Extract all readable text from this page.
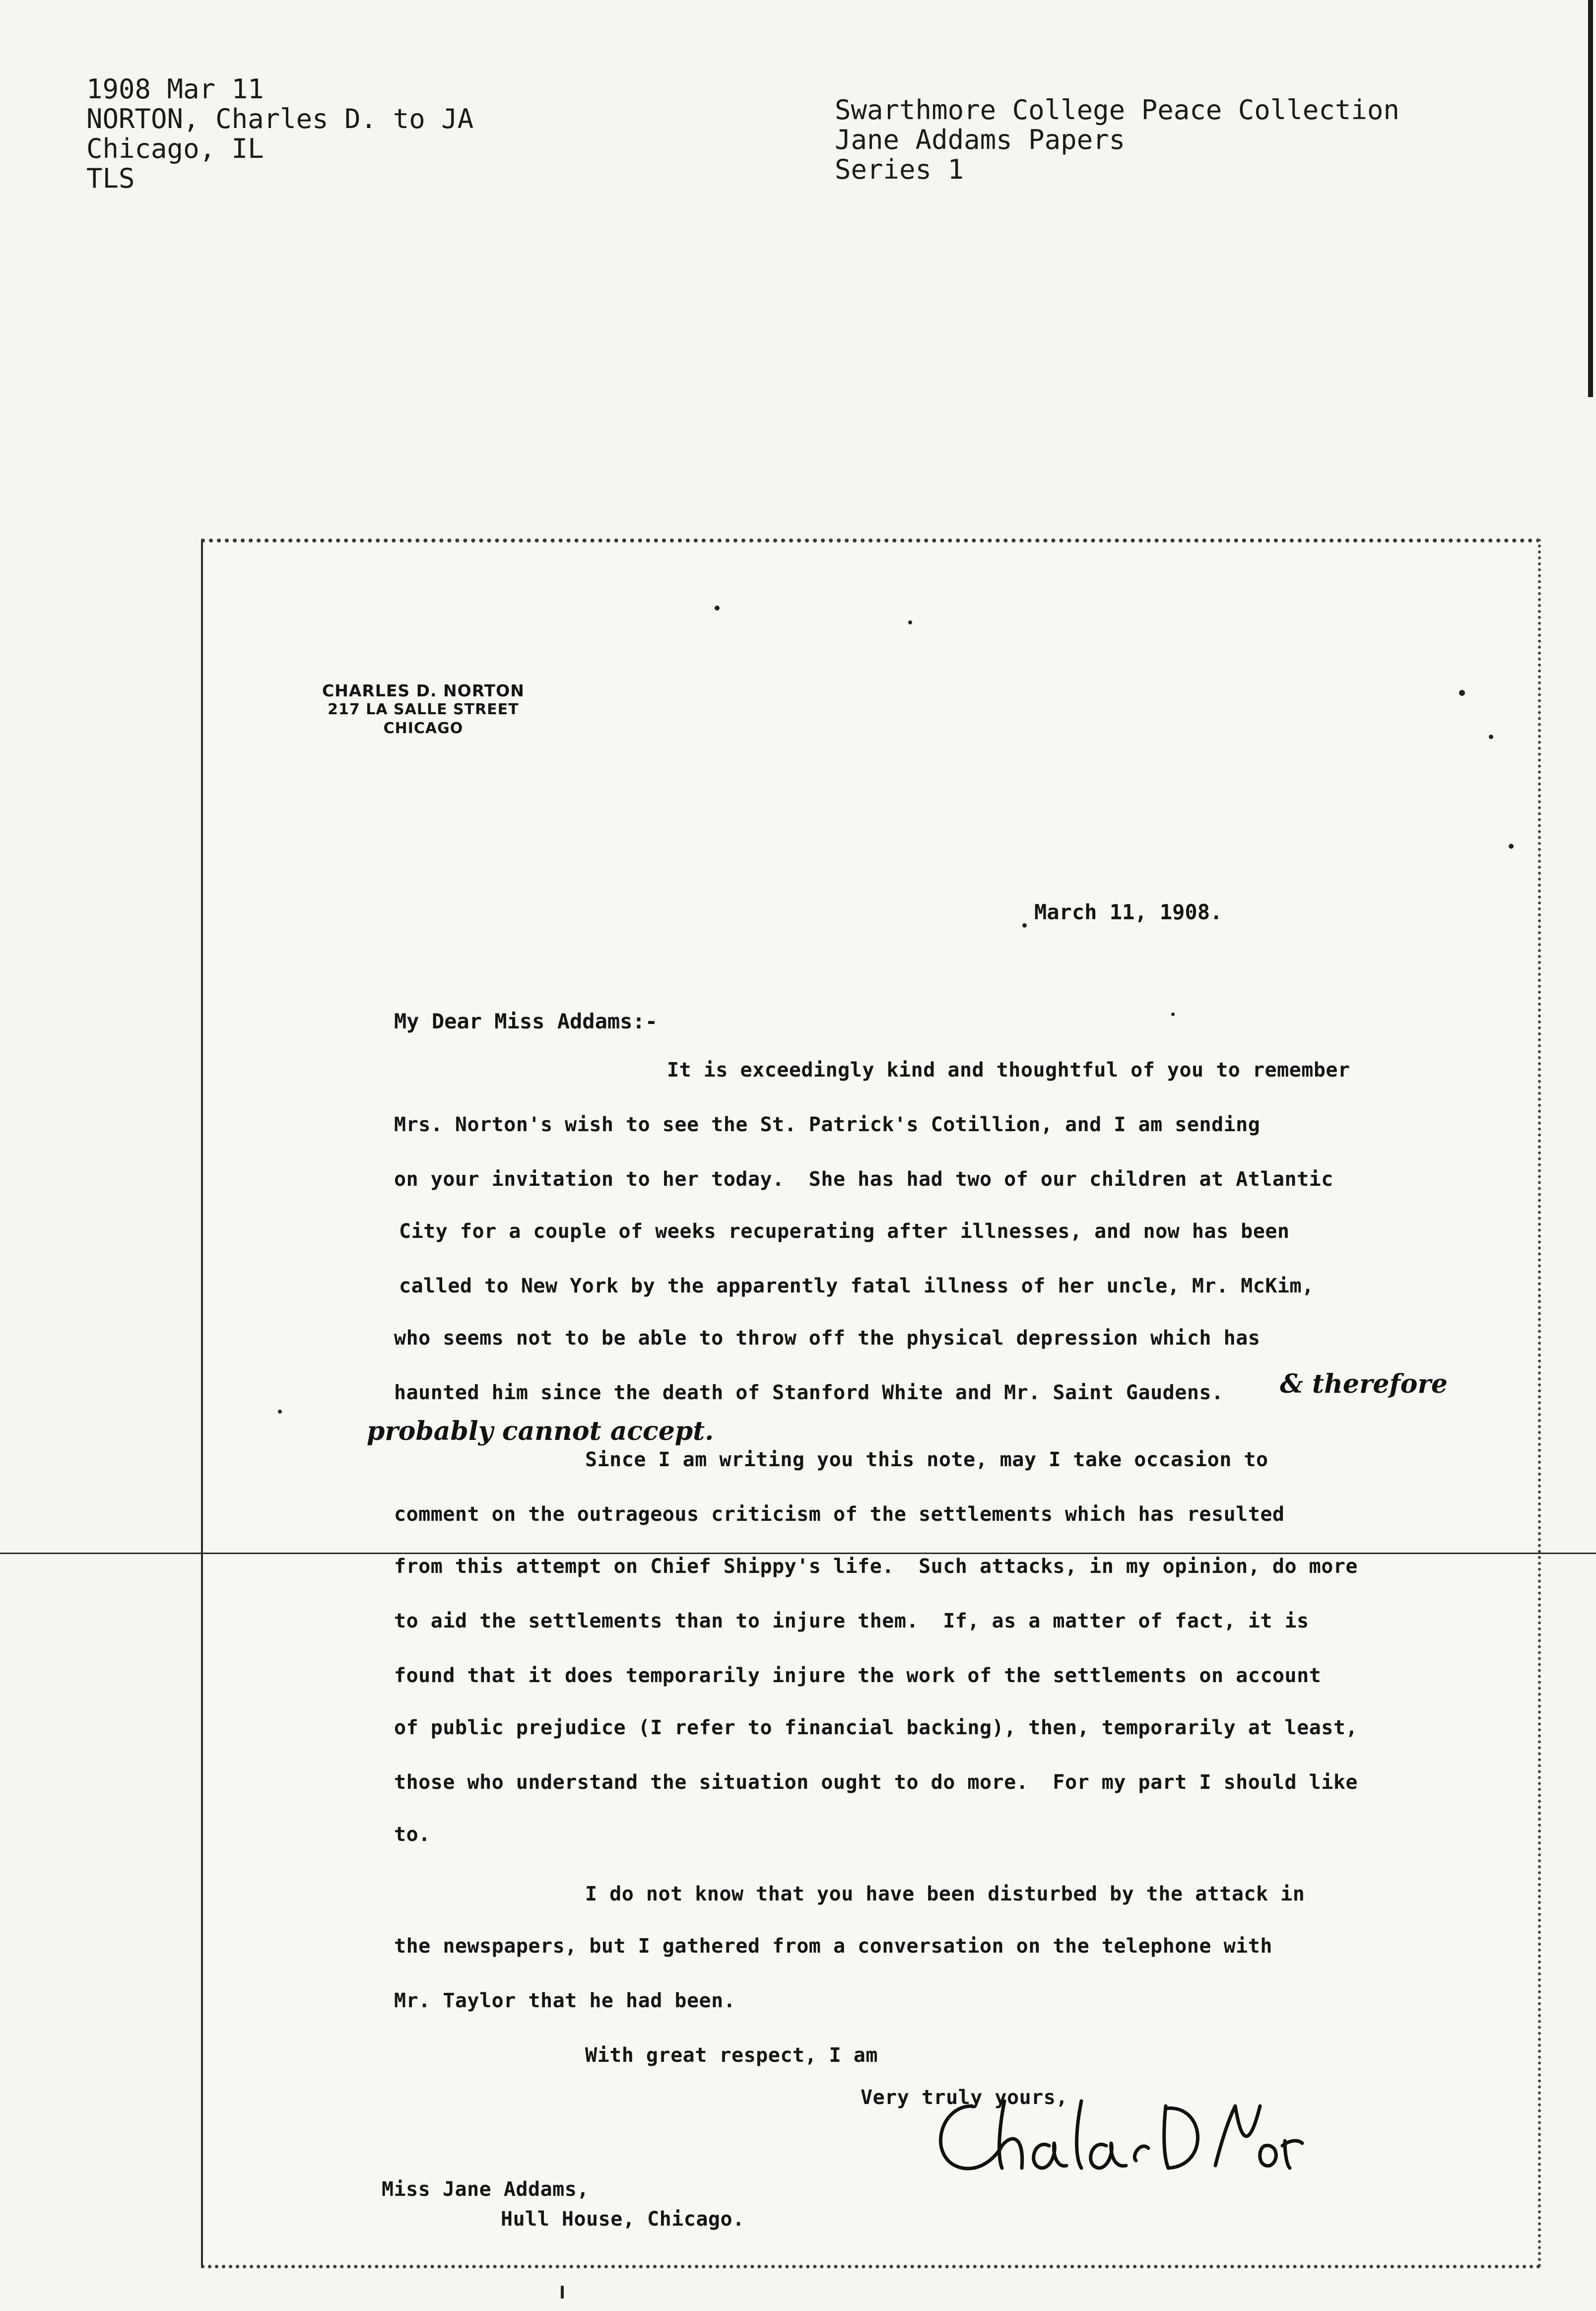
1908 Mar 11
NORTON, Charles D. to JA
Chicago, IL
TLS
Swarthmore College Peace Collection
Jane Addams Papers
Series 1
CHARLES D. NORTON
217 LA SALLE STREET
CHICAGO
March 11, 1908.
My Dear Miss Addams:-
It is exceedingly kind and thoughtful of you to remember
Mrs. Norton's wish to see the St. Patrick's Cotillion, and I am sending
on your invitation to her today.  She has had two of our children at Atlantic
City for a couple of weeks recuperating after illnesses, and now has been
called to New York by the apparently fatal illness of her uncle, Mr. McKim,
who seems not to be able to throw off the physical depression which has
haunted him since the death of Stanford White and Mr. Saint Gaudens. & therefore
probably cannot accept.
Since I am writing you this note, may I take occasion to
comment on the outrageous criticism of the settlements which has resulted
from this attempt on Chief Shippy's life.  Such attacks, in my opinion, do more
to aid the settlements than to injure them.  If, as a matter of fact, it is
found that it does temporarily injure the work of the settlements on account
of public prejudice (I refer to financial backing), then, temporarily at least,
those who understand the situation ought to do more.  For my part I should like
to.
I do not know that you have been disturbed by the attack in
the newspapers, but I gathered from a conversation on the telephone with
Mr. Taylor that he had been.
With great respect, I am
Very truly yours,
Miss Jane Addams,
Hull House, Chicago.
